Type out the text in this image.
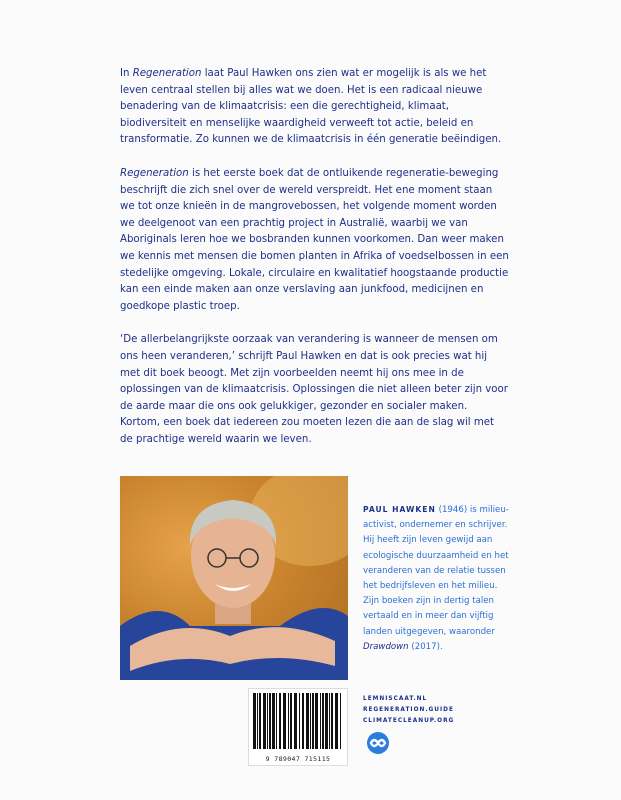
In Regeneration laat Paul Hawken ons zien wat er mogelijk is als we het leven centraal stellen bij alles wat we doen. Het is een radicaal nieuwe benadering van de klimaatcrisis: een die gerechtigheid, klimaat, biodiversiteit en menselijke waardigheid verweeft tot actie, beleid en transformatie. Zo kunnen we de klimaatcrisis in één generatie beëindigen.

Regeneration is het eerste boek dat de ontluikende regeneratie-beweging beschrijft die zich snel over de wereld verspreidt. Het ene moment staan we tot onze knieën in de mangrovebossen, het volgende moment worden we deelgenoot van een prachtig project in Australië, waarbij we van Aboriginals leren hoe we bosbranden kunnen voorkomen. Dan weer maken we kennis met mensen die bomen planten in Afrika of voedselbossen in een stedelijke omgeving. Lokale, circulaire en kwalitatief hoogstaande productie kan een einde maken aan onze verslaving aan junkfood, medicijnen en goedkope plastic troep.

‘De allerbelangrijkste oorzaak van verandering is wanneer de mensen om ons heen veranderen,’ schrijft Paul Hawken en dat is ook precies wat hij met dit boek beoogt. Met zijn voorbeelden neemt hij ons mee in de oplossingen van de klimaatcrisis. Oplossingen die niet alleen beter zijn voor de aarde maar die ons ook gelukkiger, gezonder en socialer maken. Kortom, een boek dat iedereen zou moeten lezen die aan de slag wil met de prachtige wereld waarin we leven.

PAUL HAWKEN (1946) is milieuactivist, ondernemer en schrijver. Hij heeft zijn leven gewijd aan ecologische duurzaamheid en het veranderen van de relatie tussen het bedrijfsleven en het milieu. Zijn boeken zijn in dertig talen vertaald en in meer dan vijftig landen uitgegeven, waaronder Drawdown (2017).
9 789047 715115
LEMNISCAAT.NL
REGENERATION.GUIDE
CLIMATECLEANUP.ORG
